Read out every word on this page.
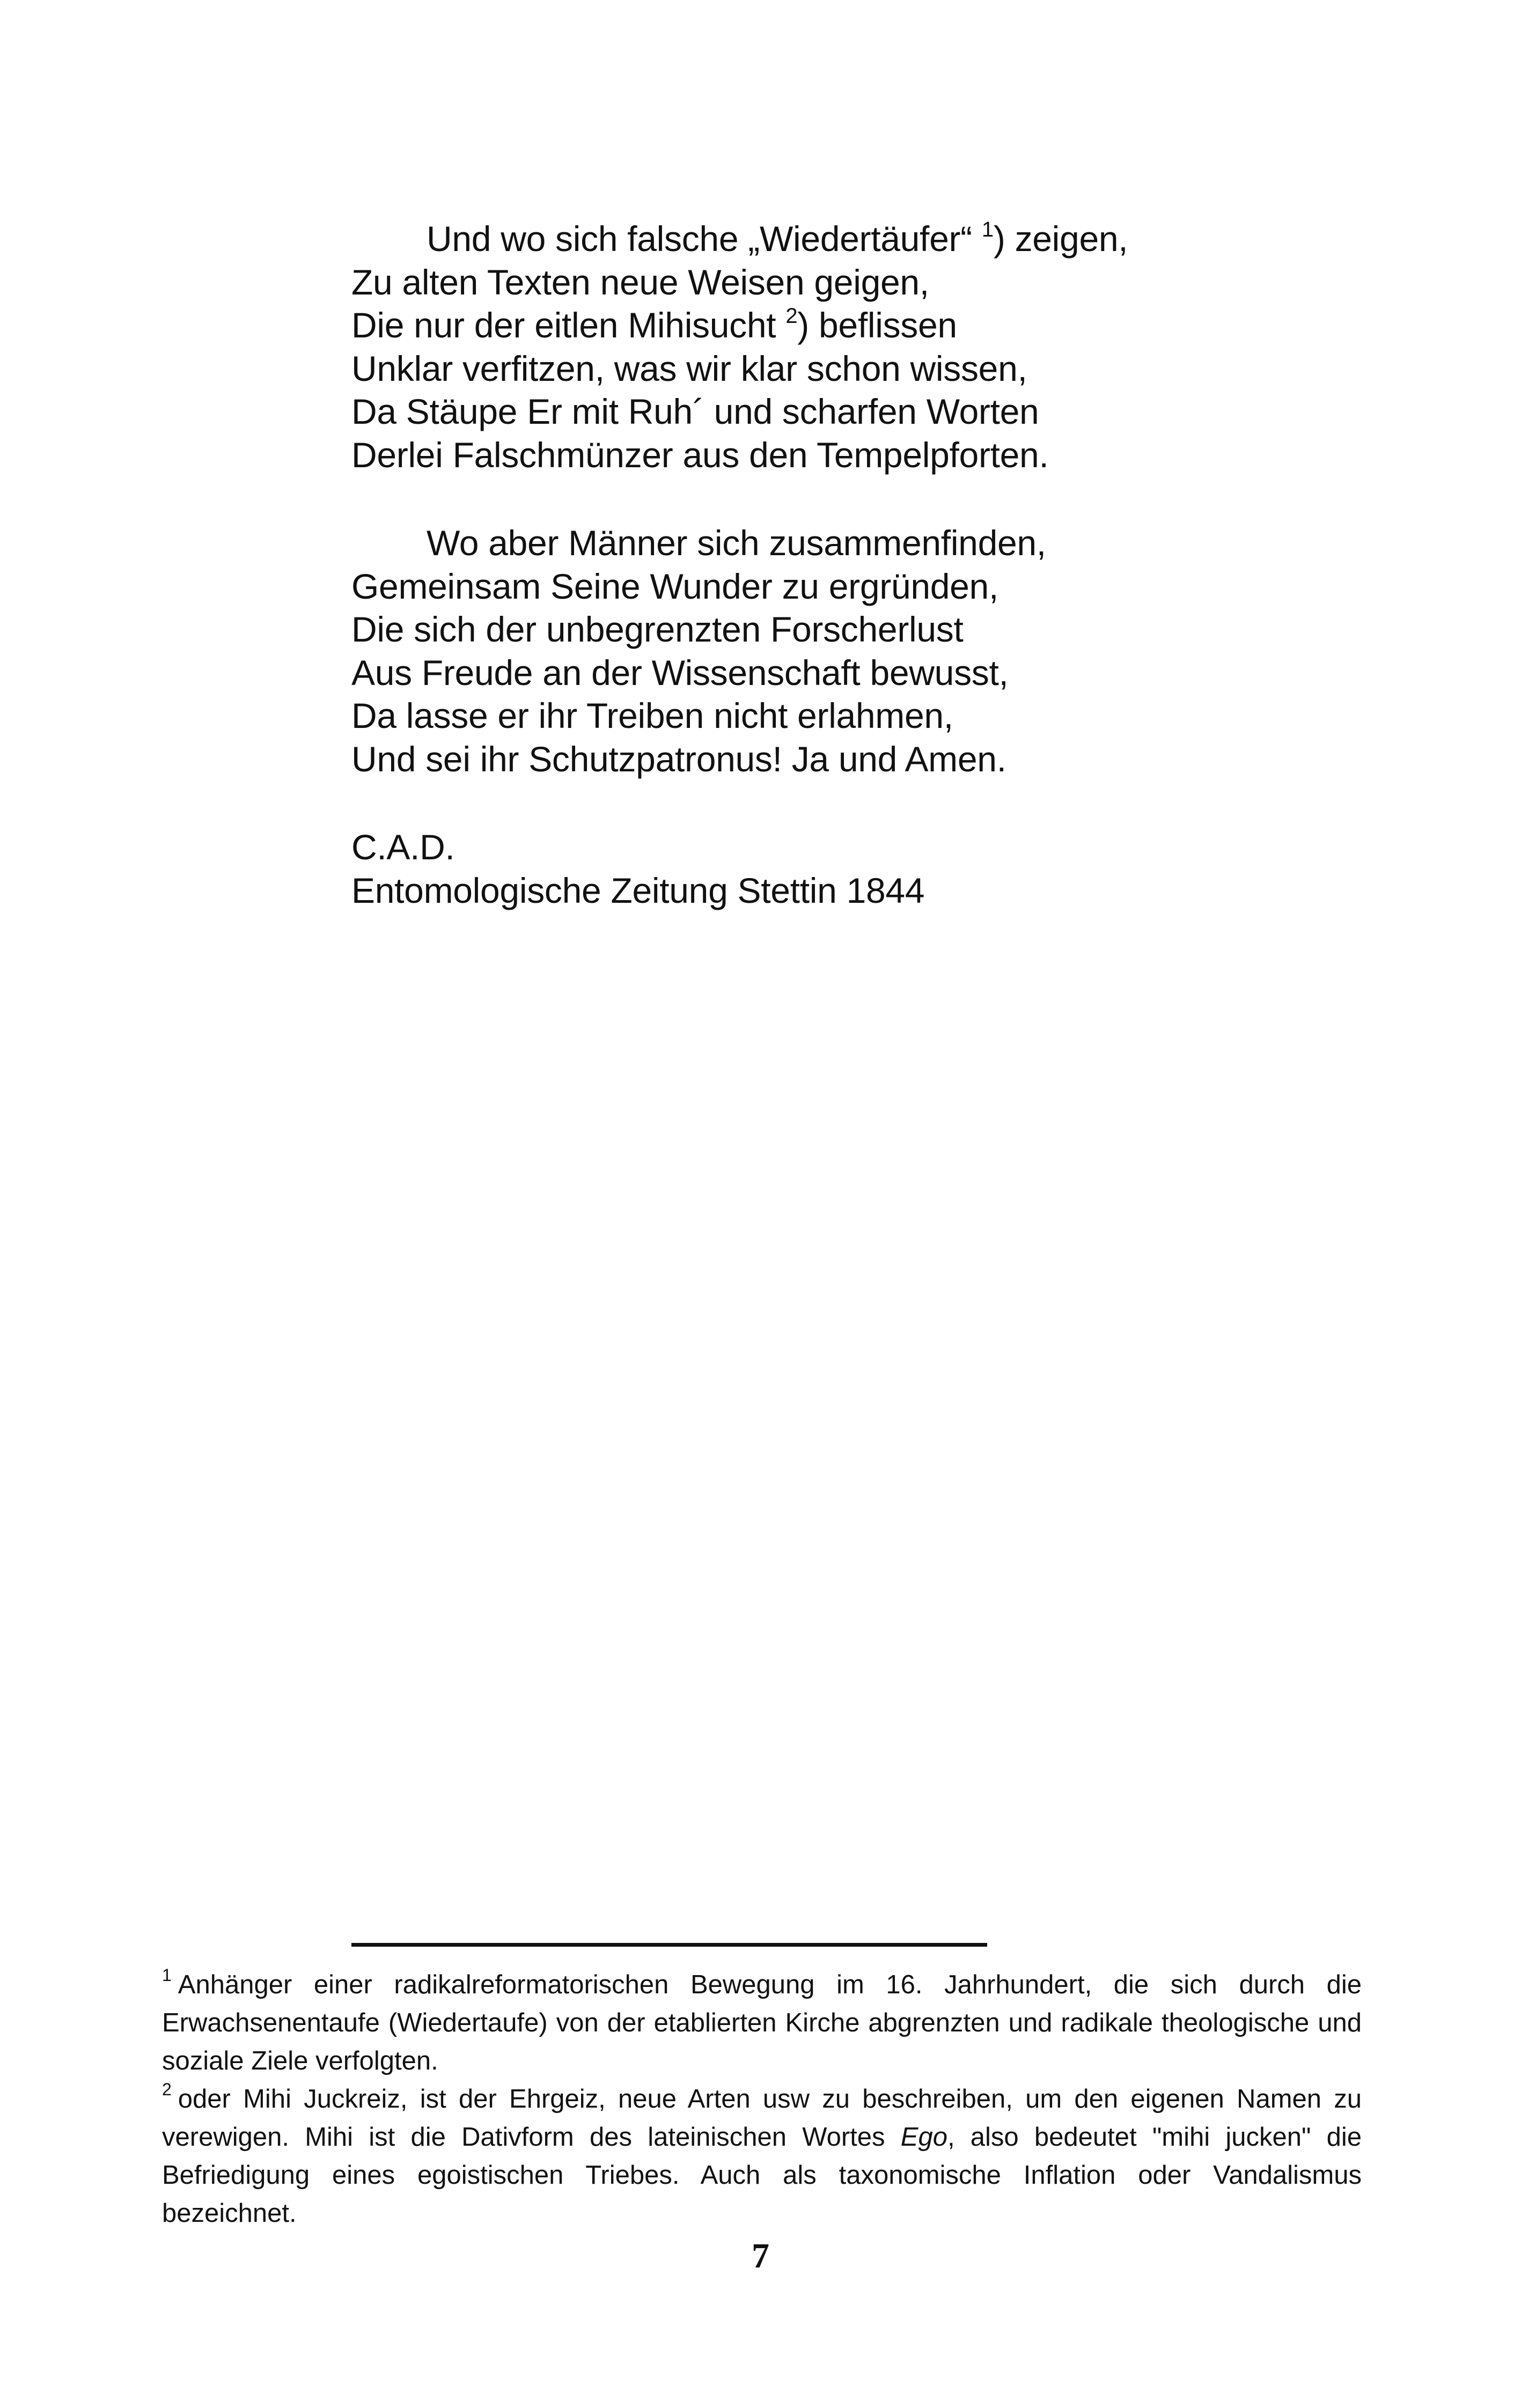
Und wo sich falsche „Wiedertäufer“ $^1$) zeigen,
Zu alten Texten neue Weisen geigen,
Die nur der eitlen Mihisucht $^2$) beflissen
Unklar verfitzen, was wir klar schon wissen,
Da Stäupe Er mit Ruh´ und scharfen Worten
Derlei Falschmünzer aus den Tempelpforten.
Wo aber Männer sich zusammenfinden,
Gemeinsam Seine Wunder zu ergründen,
Die sich der unbegrenzten Forscherlust
Aus Freude an der Wissenschaft bewusst,
Da lasse er ihr Treiben nicht erlahmen,
Und sei ihr Schutzpatronus! Ja und Amen.
C.A.D.
Entomologische Zeitung Stettin 1844

$^1$ Anhänger einer radikalreformatorischen Bewegung im 16. Jahrhundert, die sich durch die Erwachsenentaufe (Wiedertaufe) von der etablierten Kirche abgrenzten und radikale theologische und soziale Ziele verfolgten.

$^2$ oder Mihi Juckreiz, ist der Ehrgeiz, neue Arten usw zu beschreiben, um den eigenen Namen zu verewigen. Mihi ist die Dativform des lateinischen Wortes Ego, also bedeutet "mihi jucken" die Befriedigung eines egoistischen Triebes. Auch als taxonomische Inflation oder Vandalismus bezeichnet.

7
